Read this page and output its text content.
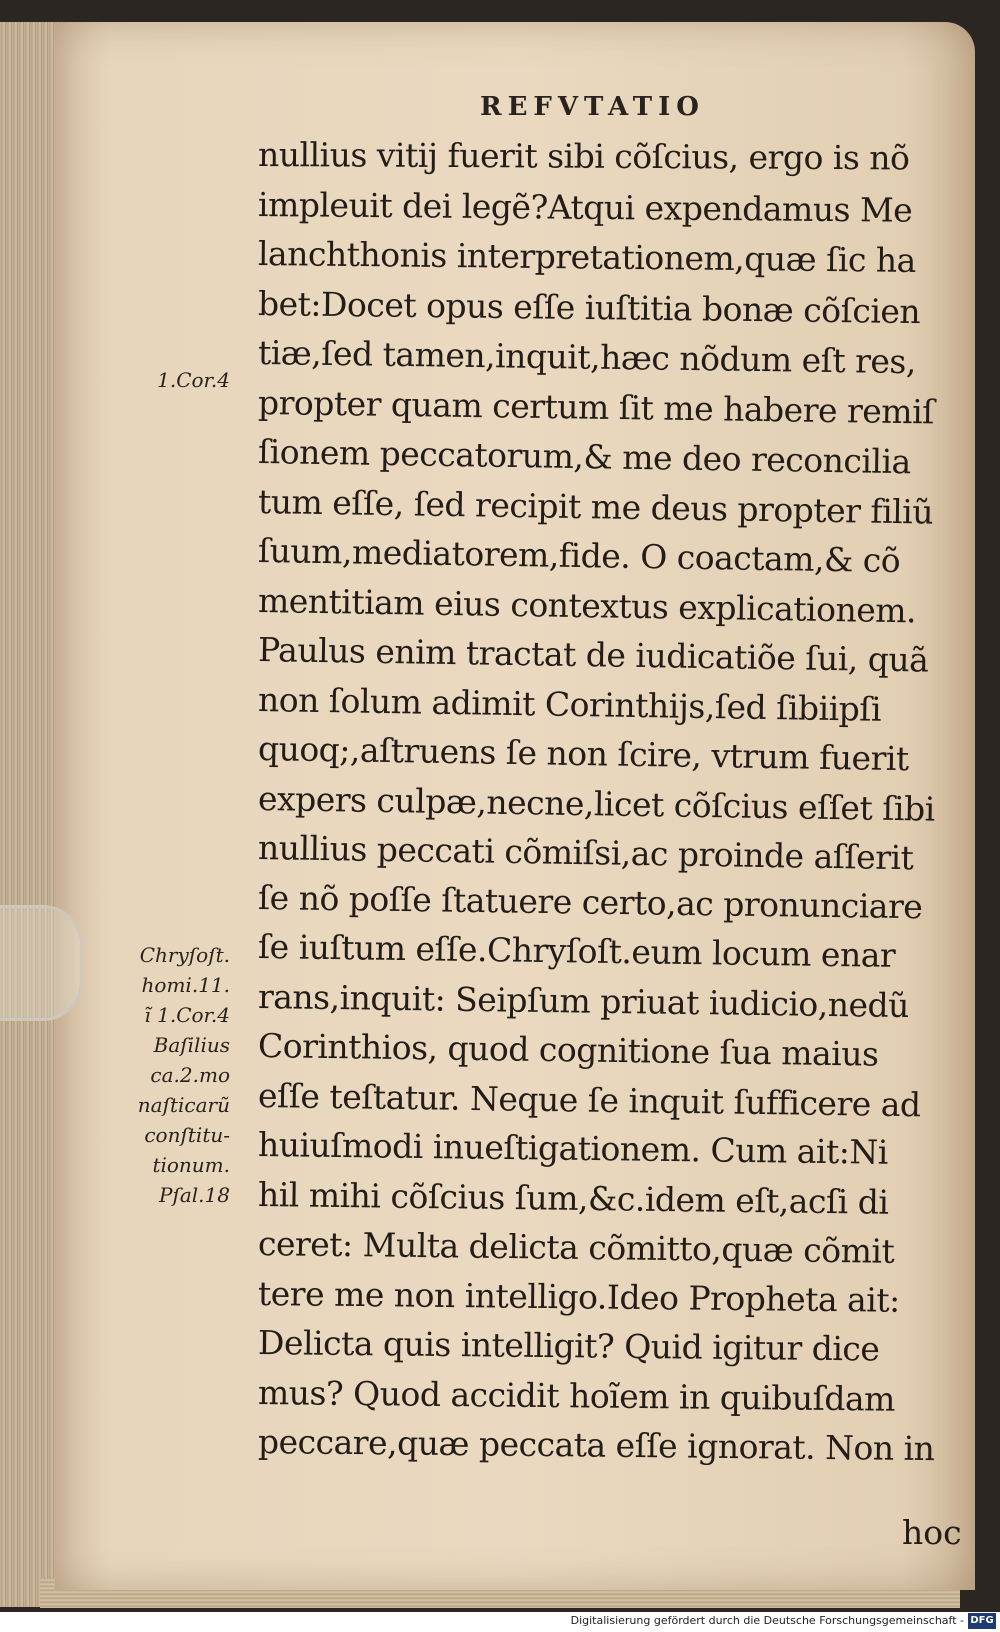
REFVTATIO
nullius vitij fuerit sibi cõſcius, ergo is nõ
impleuit dei legẽ?Atqui expendamus Me
lanchthonis interpretationem,quæ ſic ha
bet:Docet opus eſſe iuſtitia bonæ cõſcien
tiæ,ſed tamen,inquit,hæc nõdum eſt res,
propter quam certum ſit me habere remiſ
ſionem peccatorum,& me deo reconcilia
tum eſſe, ſed recipit me deus propter filiũ
ſuum,mediatorem,fide. O coactam,& cõ
mentitiam eius contextus explicationem.
Paulus enim tractat de iudicatiõe ſui, quã
non ſolum adimit Corinthijs,ſed ſibiipſi
quoq;,aſtruens ſe non ſcire, vtrum fuerit
expers culpæ,necne,licet cõſcius eſſet ſibi
nullius peccati cõmiſsi,ac proinde aſſerit
ſe nõ poſſe ſtatuere certo,ac pronunciare
ſe iuſtum eſſe.Chryſoſt.eum locum enar
rans,inquit: Seipſum priuat iudicio,nedũ
Corinthios, quod cognitione ſua maius
eſſe teſtatur. Neque ſe inquit ſufficere ad
huiuſmodi inueſtigationem. Cum ait:Ni
hil mihi cõſcius ſum,&c.idem eſt,acſi di
ceret: Multa delicta cõmitto,quæ cõmit
tere me non intelligo.Ideo Propheta ait:
Delicta quis intelligit? Quid igitur dice
mus? Quod accidit hoĩem in quibuſdam
peccare,quæ peccata eſſe ignorat. Non in
hoc
1.Cor.4
Chryſoſt.
homi.11.
ĩ 1.Cor.4
Baſilius
ca.2.mo
naſticarũ
conſtitu-
tionum.
Pſal.18
Digitalisierung gefördert durch die Deutsche Forschungsgemeinschaft - DFG
